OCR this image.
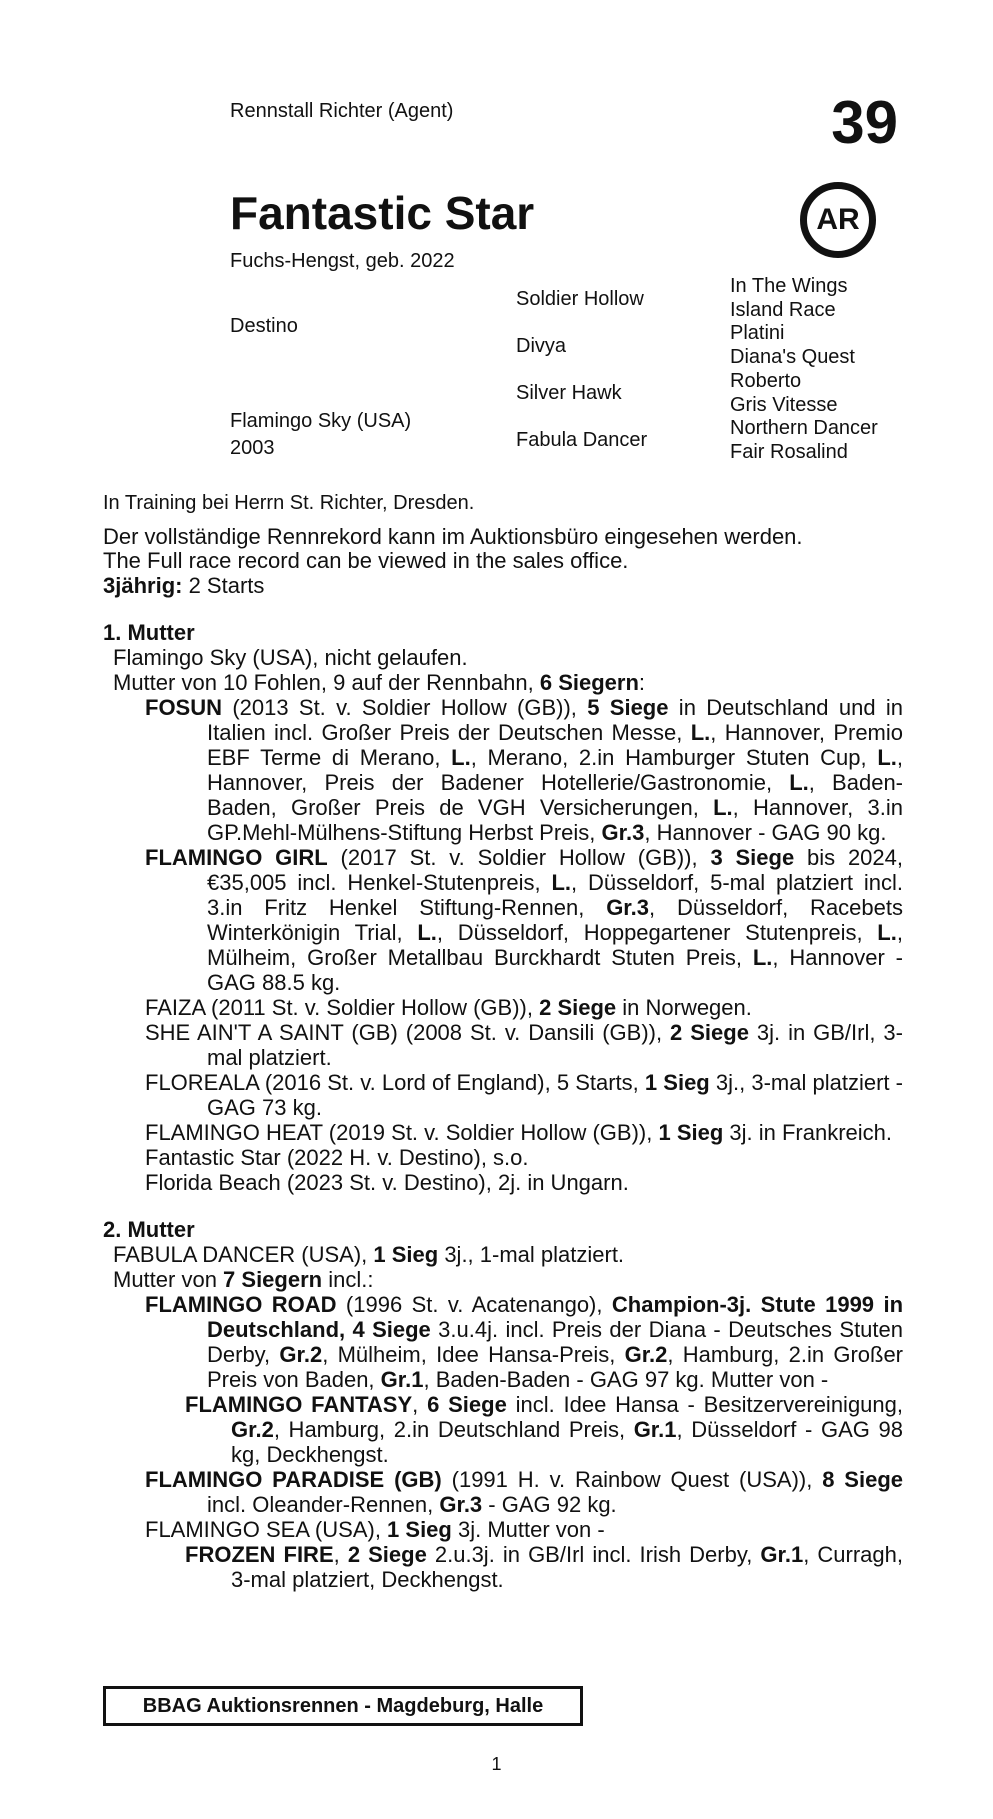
Rennstall Richter (Agent)	39
AR
Fantastic Star
Fuchs-Hengst, geb. 2022
Destino
Flamingo Sky (USA)
2003
Soldier Hollow
Divya
Silver Hawk
Fabula Dancer
In The Wings
Island Race
Platini
Diana's Quest
Roberto
Gris Vitesse
Northern Dancer
Fair Rosalind
In Training bei Herrn St. Richter, Dresden.
Der vollständige Rennrekord kann im Auktionsbüro eingesehen werden.
The Full race record can be viewed in the sales office.
3jährig: 2 Starts

1. Mutter

Flamingo Sky (USA), nicht gelaufen.

Mutter von 10 Fohlen, 9 auf der Rennbahn, 6 Siegern:

FOSUN (2013 St. v. Soldier Hollow (GB)), 5 Siege in Deutschland und in Italien incl. Großer Preis der Deutschen Messe, L., Hannover, Premio EBF Terme di Merano, L., Merano, 2.in Hamburger Stuten Cup, L., Hannover, Preis der Badener Hotellerie/Gastronomie, L., Baden-Baden, Großer Preis de VGH Versicherungen, L., Hannover, 3.in GP.Mehl-Mülhens-Stiftung Herbst Preis, Gr.3, Hannover - GAG 90 kg.

FLAMINGO GIRL (2017 St. v. Soldier Hollow (GB)), 3 Siege bis 2024, €35,005 incl. Henkel-Stutenpreis, L., Düsseldorf, 5-mal platziert incl. 3.in Fritz Henkel Stiftung-Rennen, Gr.3, Düsseldorf, Racebets Winterkönigin Trial, L., Düsseldorf, Hoppegartener Stutenpreis, L., Mülheim, Großer Metallbau Burckhardt Stuten Preis, L., Hannover - GAG 88.5 kg.

FAIZA (2011 St. v. Soldier Hollow (GB)), 2 Siege in Norwegen.

SHE AIN'T A SAINT (GB) (2008 St. v. Dansili (GB)), 2 Siege 3j. in GB/Irl, 3-mal platziert.

FLOREALA (2016 St. v. Lord of England), 5 Starts, 1 Sieg 3j., 3-mal platziert - GAG 73 kg.

FLAMINGO HEAT (2019 St. v. Soldier Hollow (GB)), 1 Sieg 3j. in Frankreich.

Fantastic Star (2022 H. v. Destino), s.o.

Florida Beach (2023 St. v. Destino), 2j. in Ungarn.

2. Mutter

FABULA DANCER (USA), 1 Sieg 3j., 1-mal platziert.

Mutter von 7 Siegern incl.:

FLAMINGO ROAD (1996 St. v. Acatenango), Champion-3j. Stute 1999 in Deutschland, 4 Siege 3.u.4j. incl. Preis der Diana - Deutsches Stuten Derby, Gr.2, Mülheim, Idee Hansa-Preis, Gr.2, Hamburg, 2.in Großer Preis von Baden, Gr.1, Baden-Baden - GAG 97 kg. Mutter von -

FLAMINGO FANTASY, 6 Siege incl. Idee Hansa - Besitzervereinigung, Gr.2, Hamburg, 2.in Deutschland Preis, Gr.1, Düsseldorf - GAG 98 kg, Deckhengst.

FLAMINGO PARADISE (GB) (1991 H. v. Rainbow Quest (USA)), 8 Siege incl. Oleander-Rennen, Gr.3 - GAG 92 kg.

FLAMINGO SEA (USA), 1 Sieg 3j. Mutter von -

FROZEN FIRE, 2 Siege 2.u.3j. in GB/Irl incl. Irish Derby, Gr.1, Curragh, 3-mal platziert, Deckhengst.

BBAG Auktionsrennen - Magdeburg, Halle
1
